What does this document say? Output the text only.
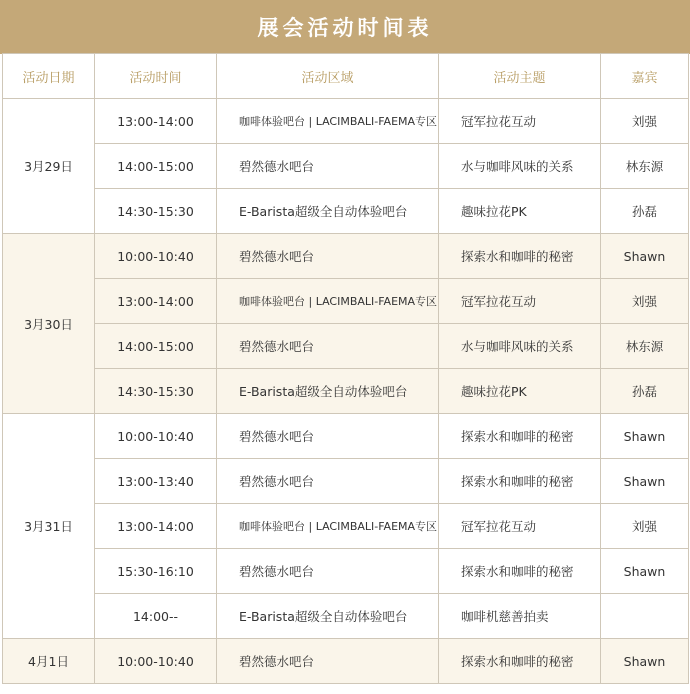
展会活动时间表
活动日期	活动时间	活动区域	活动主题	嘉宾
3月29日	13:00-14:00	咖啡体验吧台 | LACIMBALI-FAEMA专区	冠军拉花互动	刘强
	14:00-15:00	碧然德水吧台	水与咖啡风味的关系	林东源
	14:30-15:30	E-Barista超级全自动体验吧台	趣味拉花PK	孙磊
3月30日	10:00-10:40	碧然德水吧台	探索水和咖啡的秘密	Shawn
	13:00-14:00	咖啡体验吧台 | LACIMBALI-FAEMA专区	冠军拉花互动	刘强
	14:00-15:00	碧然德水吧台	水与咖啡风味的关系	林东源
	14:30-15:30	E-Barista超级全自动体验吧台	趣味拉花PK	孙磊
3月31日	10:00-10:40	碧然德水吧台	探索水和咖啡的秘密	Shawn
	13:00-13:40	碧然德水吧台	探索水和咖啡的秘密	Shawn
	13:00-14:00	咖啡体验吧台 | LACIMBALI-FAEMA专区	冠军拉花互动	刘强
	15:30-16:10	碧然德水吧台	探索水和咖啡的秘密	Shawn
	14:00--	E-Barista超级全自动体验吧台	咖啡机慈善拍卖	
4月1日	10:00-10:40	碧然德水吧台	探索水和咖啡的秘密	Shawn
